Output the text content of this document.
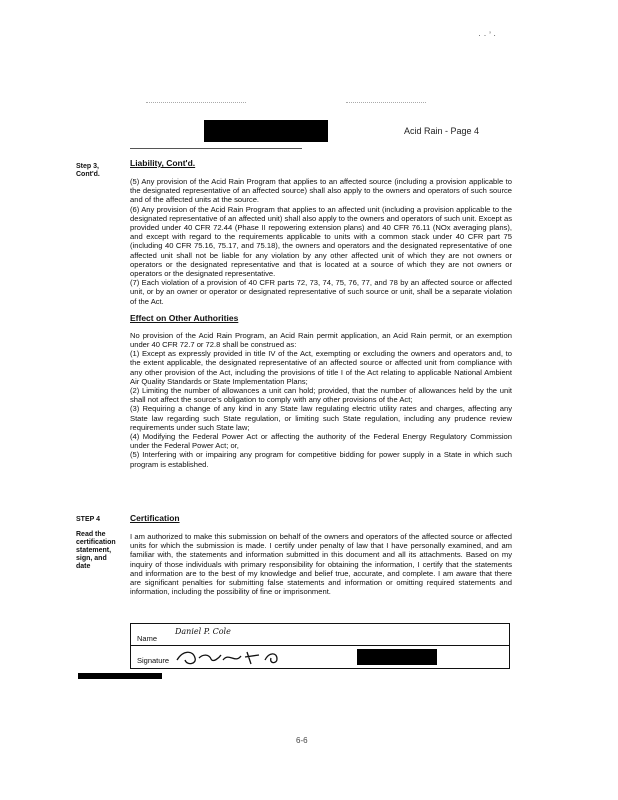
· · ’ ·
Acid Rain - Page 4
Step 3,
Cont'd.
Liability, Cont'd.

(5) Any provision of the Acid Rain Program that applies to an affected source (including a provision applicable to the designated representative of an affected source) shall also apply to the owners and operators of such source and of the affected units at the source.

(6) Any provision of the Acid Rain Program that applies to an affected unit (including a provision applicable to the designated representative of an affected unit) shall also apply to the owners and operators of such unit. Except as provided under 40 CFR 72.44 (Phase II repowering extension plans) and 40 CFR 76.11 (NOx averaging plans), and except with regard to the requirements applicable to units with a common stack under 40 CFR part 75 (including 40 CFR 75.16, 75.17, and 75.18), the owners and operators and the designated representative of one affected unit shall not be liable for any violation by any other affected unit of which they are not owners or operators or the designated representative and that is located at a source of which they are not owners or operators or the designated representative.

(7) Each violation of a provision of 40 CFR parts 72, 73, 74, 75, 76, 77, and 78 by an affected source or affected unit, or by an owner or operator or designated representative of such source or unit, shall be a separate violation of the Act.

Effect on Other Authorities

No provision of the Acid Rain Program, an Acid Rain permit application, an Acid Rain permit, or an exemption under 40 CFR 72.7 or 72.8 shall be construed as:

(1) Except as expressly provided in title IV of the Act, exempting or excluding the owners and operators and, to the extent applicable, the designated representative of an affected source or affected unit from compliance with any other provision of the Act, including the provisions of title I of the Act relating to applicable National Ambient Air Quality Standards or State Implementation Plans;

(2) Limiting the number of allowances a unit can hold; provided, that the number of allowances held by the unit shall not affect the source's obligation to comply with any other provisions of the Act;

(3) Requiring a change of any kind in any State law regulating electric utility rates and charges, affecting any State law regarding such State regulation, or limiting such State regulation, including any prudence review requirements under such State law;

(4) Modifying the Federal Power Act or affecting the authority of the Federal Energy Regulatory Commission under the Federal Power Act; or,

(5) Interfering with or impairing any program for competitive bidding for power supply in a State in which such program is established.

STEP 4
Read the certification statement, sign, and date
Certification

I am authorized to make this submission on behalf of the owners and operators of the affected source or affected units for which the submission is made. I certify under penalty of law that I have personally examined, and am familiar with, the statements and information submitted in this document and all its attachments. Based on my inquiry of those individuals with primary responsibility for obtaining the information, I certify that the statements and information are to the best of my knowledge and belief true, accurate, and complete. I am aware that there are significant penalties for submitting false statements and information or omitting required statements and information, including the possibility of fine or imprisonment.

Name
Daniel P. Cole
Signature
6-6
